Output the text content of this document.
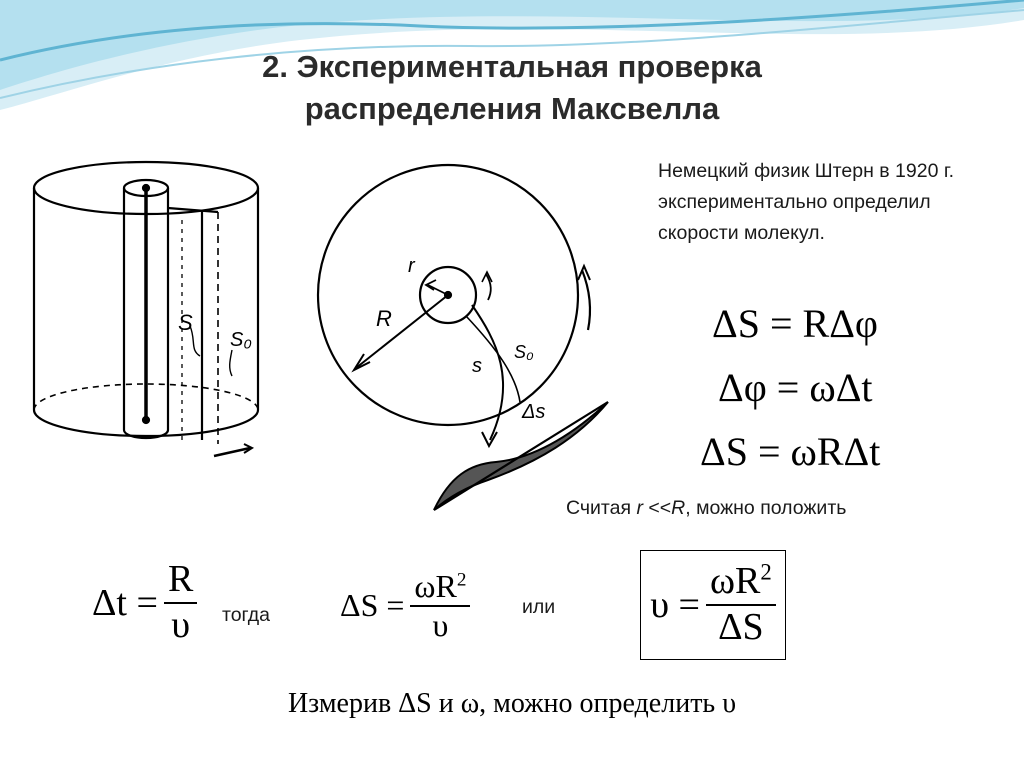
2. Экспериментальная проверка
распределения Максвелла
S
S₀
r
R
s
S₀
Δs
Немецкий физик Штерн в 1920 г. экспериментально определил скорости молекул.
ΔS = RΔφ
Δφ = ωΔt
ΔS = ωRΔt
Считая r <<R, можно положить
$\Delta t = \frac{R}{\upsilon}$ тогда $\Delta S = \frac{\omega R^2}{\upsilon}$	или	$\upsilon = \frac{\omega R^2}{\Delta S}$
Измерив ΔS и ω, можно определить υ
